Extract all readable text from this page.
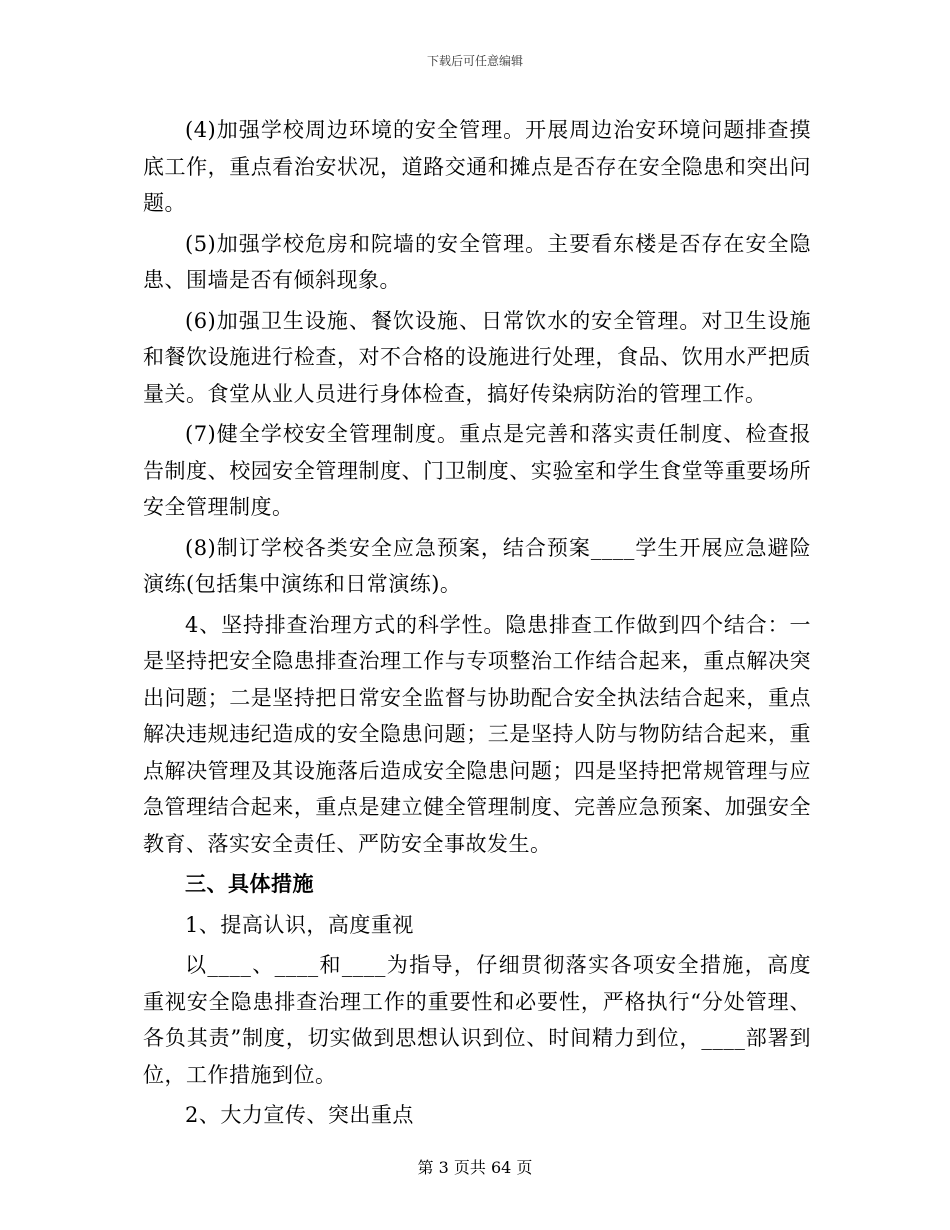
下载后可任意编辑

(4)加强学校周边环境的安全管理。开展周边治安环境问题排查摸底工作，重点看治安状况，道路交通和摊点是否存在安全隐患和突出问题。

(5)加强学校危房和院墙的安全管理。主要看东楼是否存在安全隐患、围墙是否有倾斜现象。

(6)加强卫生设施、餐饮设施、日常饮水的安全管理。对卫生设施和餐饮设施进行检查，对不合格的设施进行处理，食品、饮用水严把质量关。食堂从业人员进行身体检查，搞好传染病防治的管理工作。

(7)健全学校安全管理制度。重点是完善和落实责任制度、检查报告制度、校园安全管理制度、门卫制度、实验室和学生食堂等重要场所安全管理制度。

(8)制订学校各类安全应急预案，结合预案____学生开展应急避险演练(包括集中演练和日常演练)。

4、坚持排查治理方式的科学性。隐患排查工作做到四个结合：一是坚持把安全隐患排查治理工作与专项整治工作结合起来，重点解决突出问题；二是坚持把日常安全监督与协助配合安全执法结合起来，重点解决违规违纪造成的安全隐患问题；三是坚持人防与物防结合起来，重点解决管理及其设施落后造成安全隐患问题；四是坚持把常规管理与应急管理结合起来，重点是建立健全管理制度、完善应急预案、加强安全教育、落实安全责任、严防安全事故发生。

三、具体措施

1、提高认识，高度重视

以____、____和____为指导，仔细贯彻落实各项安全措施，高度重视安全隐患排查治理工作的重要性和必要性，严格执行“分处管理、各负其责”制度，切实做到思想认识到位、时间精力到位，____部署到位，工作措施到位。

2、大力宣传、突出重点

第 3 页共 64 页
